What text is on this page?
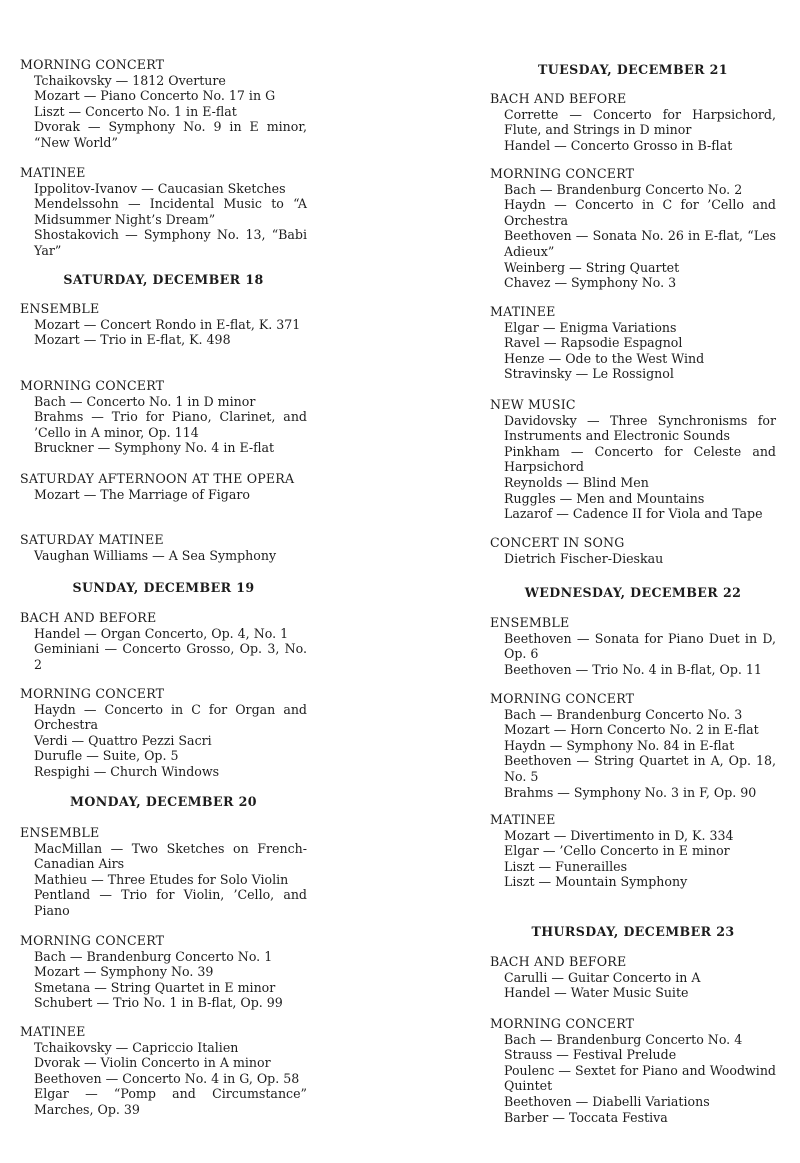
MORNING CONCERT
Tchaikovsky — 1812 Overture
Mozart — Piano Concerto No. 17 in G
Liszt — Concerto No. 1 in E-flat
Dvorak — Symphony No. 9 in E minor, “New World”
MATINEE
Ippolitov-Ivanov — Caucasian Sketches
Mendelssohn — Incidental Music to “A Midsummer Night’s Dream”
Shostakovich — Symphony No. 13, “Babi Yar”
SATURDAY, DECEMBER 18
ENSEMBLE
Mozart — Concert Rondo in E-flat, K. 371
Mozart — Trio in E-flat, K. 498
MORNING CONCERT
Bach — Concerto No. 1 in D minor
Brahms — Trio for Piano, Clarinet, and ’Cello in A minor, Op. 114
Bruckner — Symphony No. 4 in E-flat
SATURDAY AFTERNOON AT THE OPERA
Mozart — The Marriage of Figaro
SATURDAY MATINEE
Vaughan Williams — A Sea Symphony
SUNDAY, DECEMBER 19
BACH AND BEFORE
Handel — Organ Concerto, Op. 4, No. 1
Geminiani — Concerto Grosso, Op. 3, No. 2
MORNING CONCERT
Haydn — Concerto in C for Organ and Orchestra
Verdi — Quattro Pezzi Sacri
Durufle — Suite, Op. 5
Respighi — Church Windows
MONDAY, DECEMBER 20
ENSEMBLE
MacMillan — Two Sketches on French-Canadian Airs
Mathieu — Three Etudes for Solo Violin
Pentland — Trio for Violin, ’Cello, and Piano
MORNING CONCERT
Bach — Brandenburg Concerto No. 1
Mozart — Symphony No. 39
Smetana — String Quartet in E minor
Schubert — Trio No. 1 in B-flat, Op. 99
MATINEE
Tchaikovsky — Capriccio Italien
Dvorak — Violin Concerto in A minor
Beethoven — Concerto No. 4 in G, Op. 58
Elgar — “Pomp and Circumstance” Marches, Op. 39
TUESDAY, DECEMBER 21
BACH AND BEFORE
Corrette — Concerto for Harpsichord, Flute, and Strings in D minor
Handel — Concerto Grosso in B-flat
MORNING CONCERT
Bach — Brandenburg Concerto No. 2
Haydn — Concerto in C for ’Cello and Orchestra
Beethoven — Sonata No. 26 in E-flat, “Les Adieux”
Weinberg — String Quartet
Chavez — Symphony No. 3
MATINEE
Elgar — Enigma Variations
Ravel — Rapsodie Espagnol
Henze — Ode to the West Wind
Stravinsky — Le Rossignol
NEW MUSIC
Davidovsky — Three Synchronisms for Instruments and Electronic Sounds
Pinkham — Concerto for Celeste and Harpsichord
Reynolds — Blind Men
Ruggles — Men and Mountains
Lazarof — Cadence II for Viola and Tape
CONCERT IN SONG
Dietrich Fischer-Dieskau
WEDNESDAY, DECEMBER 22
ENSEMBLE
Beethoven — Sonata for Piano Duet in D, Op. 6
Beethoven — Trio No. 4 in B-flat, Op. 11
MORNING CONCERT
Bach — Brandenburg Concerto No. 3
Mozart — Horn Concerto No. 2 in E-flat
Haydn — Symphony No. 84 in E-flat
Beethoven — String Quartet in A, Op. 18, No. 5
Brahms — Symphony No. 3 in F, Op. 90
MATINEE
Mozart — Divertimento in D, K. 334
Elgar — ’Cello Concerto in E minor
Liszt — Funerailles
Liszt — Mountain Symphony
THURSDAY, DECEMBER 23
BACH AND BEFORE
Carulli — Guitar Concerto in A
Handel — Water Music Suite
MORNING CONCERT
Bach — Brandenburg Concerto No. 4
Strauss — Festival Prelude
Poulenc — Sextet for Piano and Woodwind Quintet
Beethoven — Diabelli Variations
Barber — Toccata Festiva
